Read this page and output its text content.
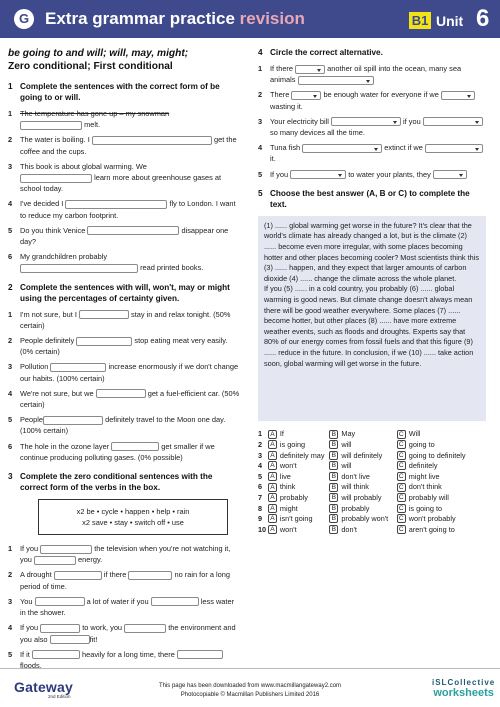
G Extra grammar practice revision	B1 Unit 6
be going to and will; will, may, might;
Zero conditional; First conditional
1 Complete the sentences with the correct form of be going to or will.
1	The temperature has gone up – my snowman
melt.
2	The water is boiling. I	get the coffee and the cups.
3	This book is about global warming. We
learn more about greenhouse gases at school today.
4	I've decided I	fly to London. I want to reduce my carbon footprint.
5	Do you think Venice	disappear one day?
6	My grandchildren probably
read printed books.
2 Complete the sentences with will, won't, may or might using the percentages of certainty given.
1	I'm not sure, but I	stay in and relax tonight. (50% certain)
2	People definitely	stop eating meat very easily. (0% certain)
3	Pollution	increase enormously if we don't change our habits. (100% certain)
4	We're not sure, but we	get a fuel-efficient car. (50% certain)
5	People	definitely travel to the Moon one day. (100% certain)
6	The hole in the ozone layer	get smaller if we continue producing polluting gases. (0% possible)
3 Complete the zero conditional sentences with the correct form of the verbs in the box.
x2 be • cycle • happen • help • rain
x2 save • stay • switch off • use
1	If you	the television when you're not watching it, you	energy.
2	A drought	if there	no rain for a long period of time.
3	You	a lot of water if you	less water in the shower.
4	If you	to work, you	the environment and you also	fit!
5	If it	heavily for a long time, there  floods.
4 Circle the correct alternative.
1	If there	another oil spill into the ocean, many sea animals
2	There	be enough water for everyone if we  wasting it.
3	Your electricity bill	if you  so many devices all the time.
4	Tuna fish	extinct if we  it.
5	If you	to water your plants, they
5 Choose the best answer (A, B or C) to complete the text.

(1) ...... global warming get worse in the future? It's clear that the world's climate has already changed a lot, but is the climate (2) ...... become even more irregular, with some places becoming hotter and other places becoming cooler? Most scientists think this (3) ...... happen, and they expect that larger amounts of carbon dioxide (4) ...... change the climate across the whole planet.

If you (5) ...... in a cold country, you probably (6) ...... global warming is good news. But climate change doesn't always mean there will be good weather everywhere. Some places (7) ...... become hotter, but other places (8) ...... have more extreme weather events, such as floods and droughts. Experts say that 80% of our energy comes from fossil fuels and that this figure (9) ...... reduce in the future. In conclusion, if we (10) ...... take action soon, global warming will get worse in the future.

1	A If	B May	C Will
2	A is going	B will	C going to
3	A definitely may	B will definitely	C going to definitely
4	A won't	B will	C definitely
5	A live	B don't live	C might live
6	A think	B will think	C don't think
7	A probably	B will probably	C probably will
8	A might	B probably	C is going to
9	A isn't going	B probably won't	C won't probably
10 A won't	B don't	C aren't going to
Gateway
2nd Edition
This page has been downloaded from www.macmillangateway2.com
Photocopiable © Macmillan Publishers Limited 2016
iSLCollective
worksheets
